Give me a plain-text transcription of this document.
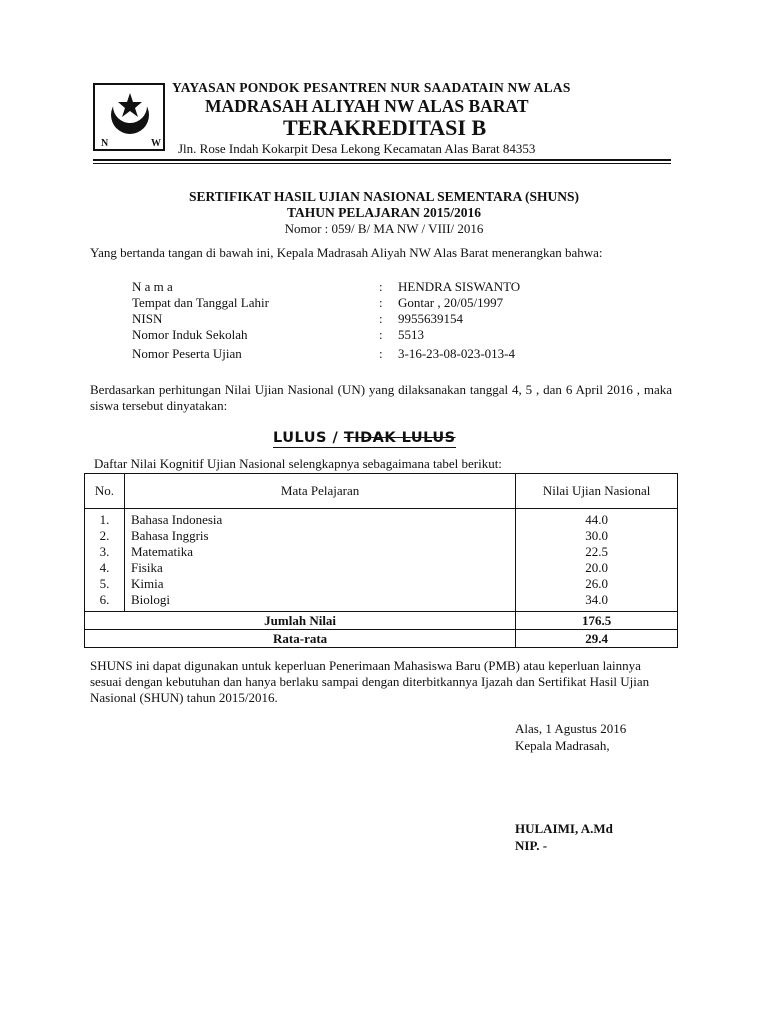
N	W
YAYASAN PONDOK PESANTREN NUR SAADATAIN NW ALAS
MADRASAH ALIYAH NW ALAS BARAT
TERAKREDITASI B
Jln. Rose Indah Kokarpit Desa Lekong Kecamatan Alas Barat 84353
SERTIFIKAT HASIL UJIAN NASIONAL SEMENTARA (SHUNS)
TAHUN PELAJARAN 2015/2016
Nomor : 059/ B/ MA NW / VIII/ 2016
Yang bertanda tangan di bawah ini, Kepala Madrasah Aliyah NW Alas Barat menerangkan bahwa:
N a m a	: HENDRA SISWANTO
Tempat dan Tanggal Lahir	: Gontar , 20/05/1997
NISN	: 9955639154
Nomor Induk Sekolah	: 5513
Nomor Peserta Ujian	: 3-16-23-08-023-013-4
Berdasarkan perhitungan Nilai Ujian Nasional (UN) yang dilaksanakan tanggal 4, 5 , dan 6 April 2016 , maka siswa tersebut dinyatakan:
LULUS / TIDAK LULUS
Daftar Nilai Kognitif Ujian Nasional selengkapnya sebagaimana tabel berikut:
No.	Mata Pelajaran	Nilai Ujian Nasional
1.	Bahasa Indonesia	44.0
2.	Bahasa Inggris	30.0
3.	Matematika	22.5
4.	Fisika	20.0
5.	Kimia	26.0
6.	Biologi	34.0
Jumlah Nilai		176.5
Rata-rata		29.4
SHUNS ini dapat digunakan untuk keperluan Penerimaan Mahasiswa Baru (PMB) atau keperluan lainnya sesuai dengan kebutuhan dan hanya berlaku sampai dengan diterbitkannya Ijazah dan Sertifikat Hasil Ujian Nasional (SHUN) tahun 2015/2016.
Alas, 1 Agustus 2016
Kepala Madrasah,
HULAIMI, A.Md
NIP. -
